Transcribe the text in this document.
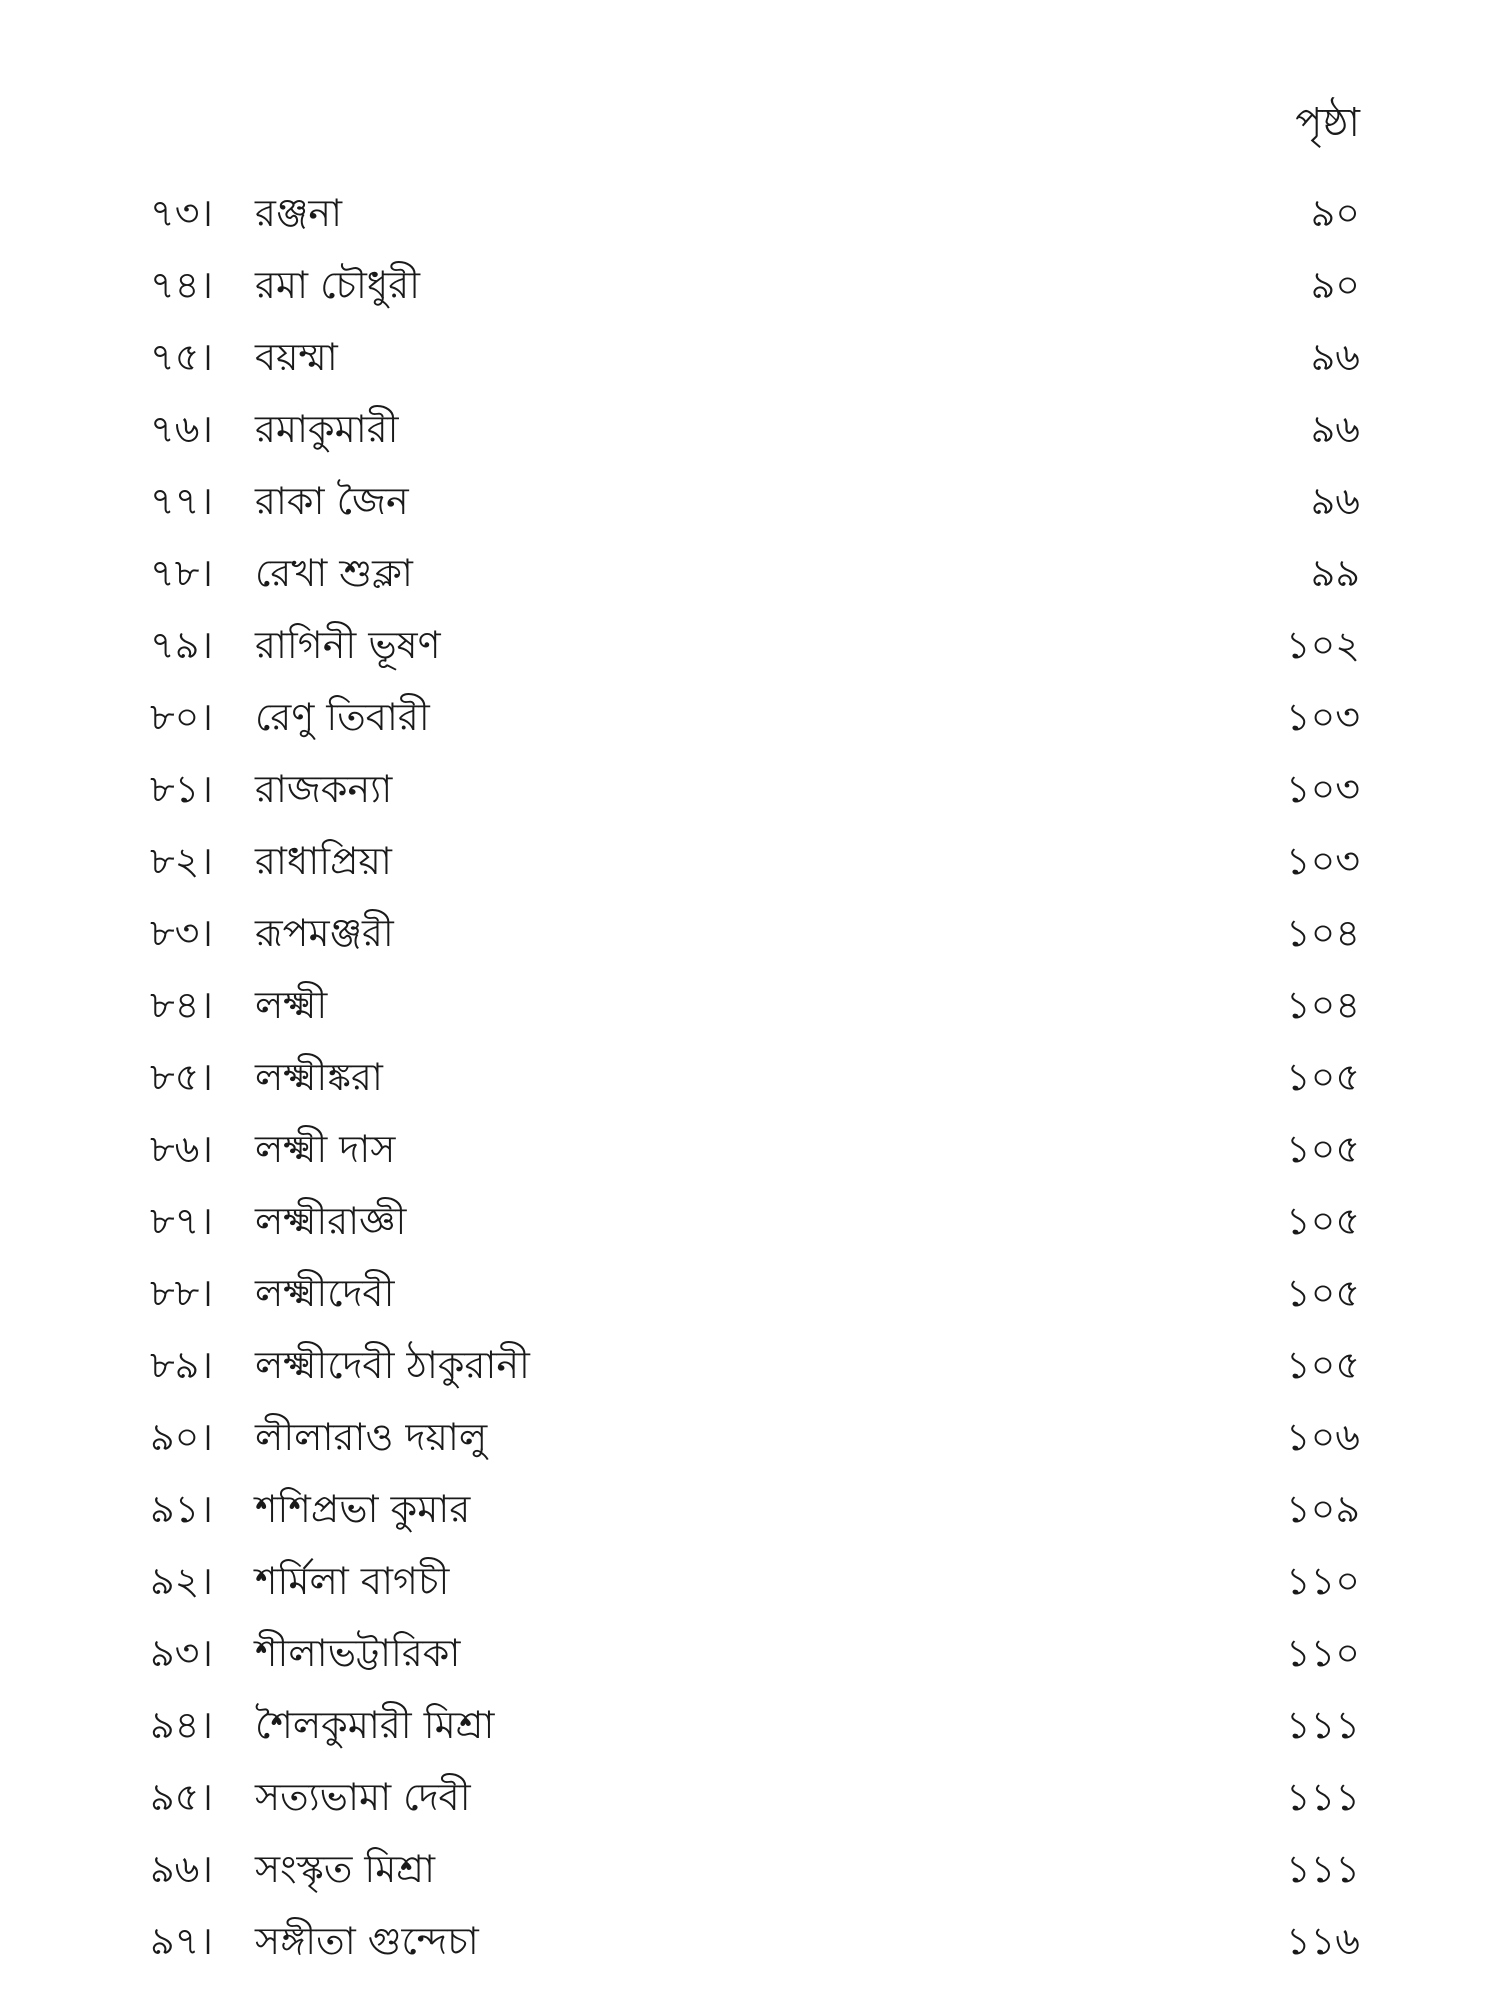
পৃষ্ঠা
৭৩।	রঞ্জনা	৯০
৭৪।	রমা চৌধুরী	৯০
৭৫।	বয়ম্মা	৯৬
৭৬।	রমাকুমারী	৯৬
৭৭।	রাকা জৈন	৯৬
৭৮।	রেখা শুক্লা	৯৯
৭৯।	রাগিনী ভূষণ	১০২
৮০।	রেণু তিবারী	১০৩
৮১।	রাজকন্যা	১০৩
৮২।	রাধাপ্রিয়া	১০৩
৮৩।	রূপমঞ্জরী	১০৪
৮৪।	লক্ষ্মী	১০৪
৮৫।	লক্ষ্মীঙ্করা	১০৫
৮৬।	লক্ষ্মী দাস	১০৫
৮৭।	লক্ষ্মীরাজ্ঞী	১০৫
৮৮।	লক্ষ্মীদেবী	১০৫
৮৯।	লক্ষ্মীদেবী ঠাকুরানী	১০৫
৯০।	লীলারাও দয়ালু	১০৬
৯১।	শশিপ্রভা কুমার	১০৯
৯২।	শর্মিলা বাগচী	১১০
৯৩।	শীলাভট্টারিকা	১১০
৯৪।	শৈলকুমারী মিশ্রা	১১১
৯৫।	সত্যভামা দেবী	১১১
৯৬।	সংস্কৃত মিশ্রা	১১১
৯৭।	সঙ্গীতা গুন্দেচা	১১৬
